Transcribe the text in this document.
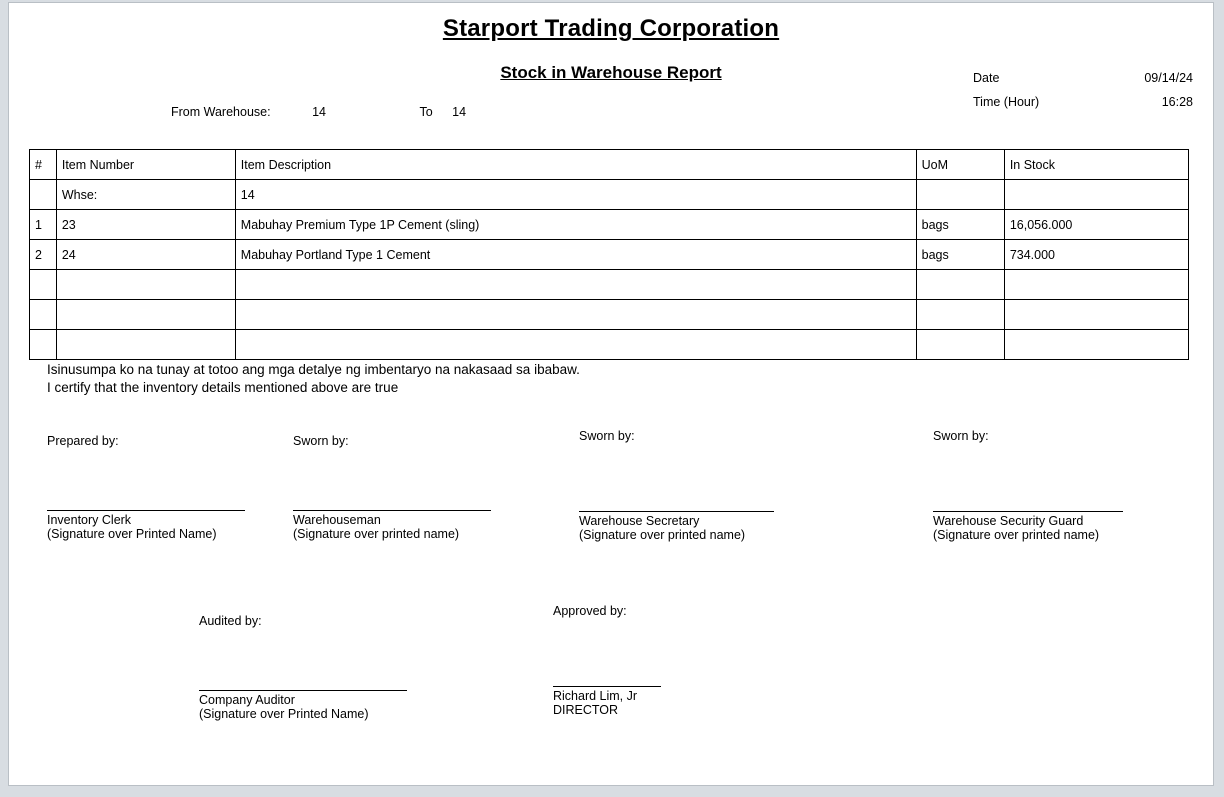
Starport Trading Corporation
Stock in Warehouse Report	Date	09/14/24
Time (Hour)	16:28
From Warehouse:	14	To 14
#	Item Number	Item Description	UoM	In Stock
	Whse:	14		
1	23	Mabuhay Premium Type 1P Cement (sling)	bags	16,056.000
2	24	Mabuhay Portland Type 1 Cement	bags	734.000

Isinusumpa ko na tunay at totoo ang mga detalye ng imbentaryo na nakasaad sa ibabaw.
I certify that the inventory details mentioned above are true
Prepared by:
Inventory Clerk
(Signature over Printed Name)
Sworn by:
Warehouseman
(Signature over printed name)
Sworn by:
Warehouse Secretary
(Signature over printed name)
Sworn by:
Warehouse Security Guard
(Signature over printed name)
Audited by:
Company Auditor
(Signature over Printed Name)
Approved by:
Richard Lim, Jr
DIRECTOR
